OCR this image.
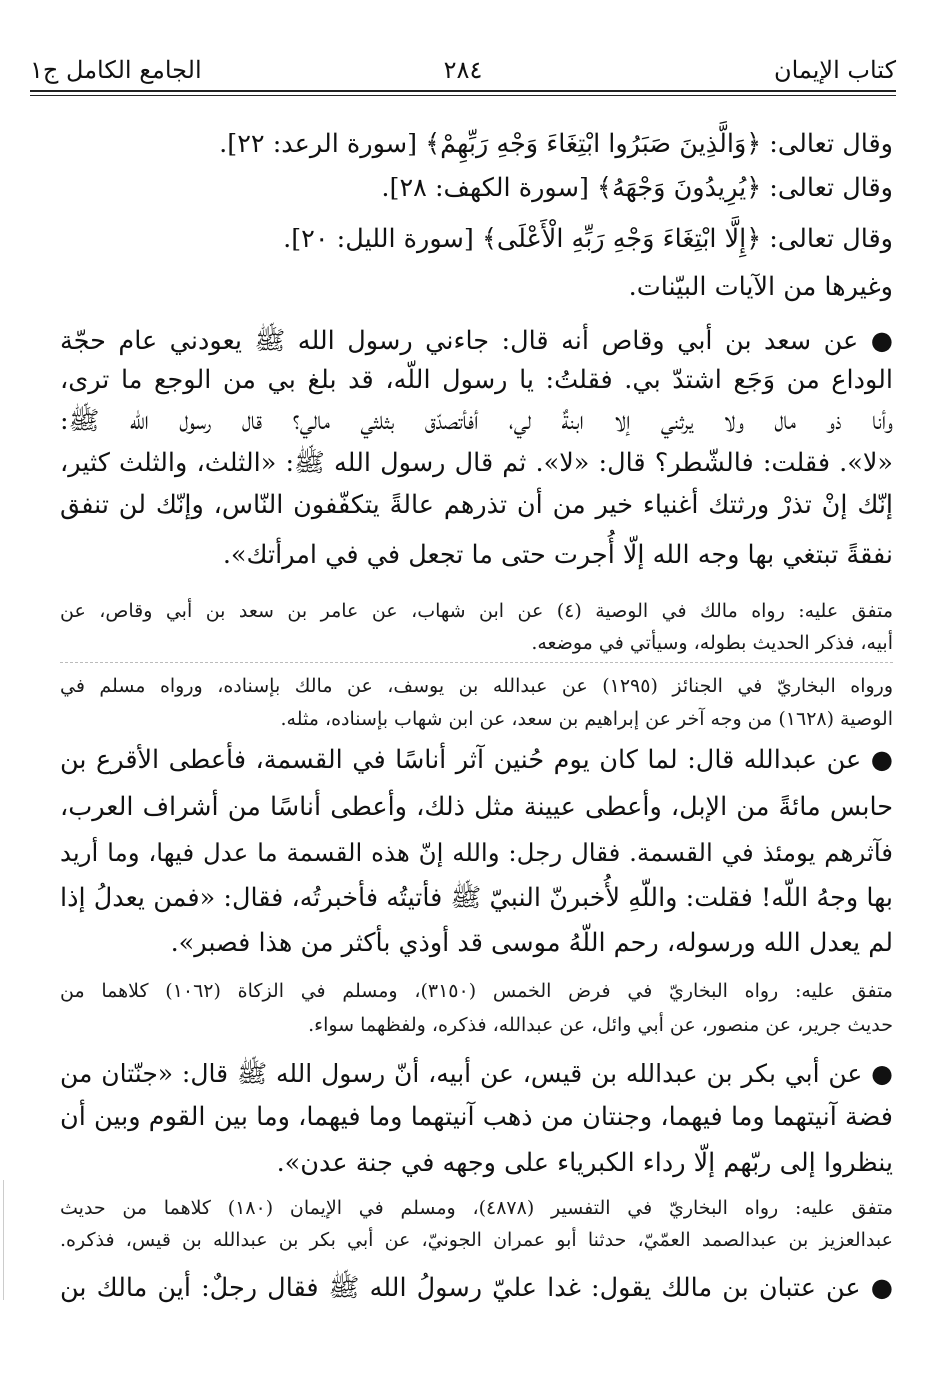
كتاب الإيمان
٢٨٤
الجامع الكامل ج١
وقال تعالى: ﴿وَالَّذِينَ صَبَرُوا ابْتِغَاءَ وَجْهِ رَبِّهِمْ﴾ [سورة الرعد: ٢٢].
وقال تعالى: ﴿يُرِيدُونَ وَجْهَهُ﴾ [سورة الكهف: ٢٨].
وقال تعالى: ﴿إِلَّا ابْتِغَاءَ وَجْهِ رَبِّهِ الْأَعْلَى﴾ [سورة الليل: ٢٠].
وغيرها من الآيات البيّنات.
● عن سعد بن أبي وقاص أنه قال: جاءني رسول الله ﷺ يعودني عام حجّة
الوداع من وَجَع اشتدّ بي. فقلتُ: يا رسول اللّه، قد بلغ بي من الوجع ما ترى،
وأنا ذو مال ولا يرثني إلا ابنةٌ لي، أفأتصدّق بثلثي مالي؟ قال رسول الله ﷺ:
«لا». فقلت: فالشّطر؟ قال: «لا». ثم قال رسول الله ﷺ: «الثلث، والثلث كثير،
إنّك إنْ تذرْ ورثتك أغنياء خير من أن تذرهم عالةً يتكفّفون النّاس، وإنّك لن تنفق
نفقةً تبتغي بها وجه الله إلّا أُجرت حتى ما تجعل في في امرأتك».
متفق عليه: رواه مالك في الوصية (٤) عن ابن شهاب، عن عامر بن سعد بن أبي وقاص، عن
أبيه، فذكر الحديث بطوله، وسيأتي في موضعه.
ورواه البخاريّ في الجنائز (١٢٩٥) عن عبدالله بن يوسف، عن مالك بإسناده، ورواه مسلم في
الوصية (١٦٢٨) من وجه آخر عن إبراهيم بن سعد، عن ابن شهاب بإسناده، مثله.
● عن عبدالله قال: لما كان يوم حُنين آثر أناسًا في القسمة، فأعطى الأقرع بن
حابس مائةً من الإبل، وأعطى عيينة مثل ذلك، وأعطى أناسًا من أشراف العرب،
فآثرهم يومئذ في القسمة. فقال رجل: والله إنّ هذه القسمة ما عدل فيها، وما أريد
بها وجهُ اللّه! فقلت: واللّهِ لأُخبرنّ النبيّ ﷺ فأتيتُه فأخبرتُه، فقال: «فمن يعدلُ إذا
لم يعدل الله ورسوله، رحم اللّهُ موسى قد أوذي بأكثر من هذا فصبر».
متفق عليه: رواه البخاريّ في فرض الخمس (٣١٥٠)، ومسلم في الزكاة (١٠٦٢) كلاهما من
حديث جرير، عن منصور، عن أبي وائل، عن عبدالله، فذكره، ولفظهما سواء.
● عن أبي بكر بن عبدالله بن قيس، عن أبيه، أنّ رسول الله ﷺ قال: «جنّتان من
فضة آنيتهما وما فيهما، وجنتان من ذهب آنيتهما وما فيهما، وما بين القوم وبين أن
ينظروا إلى ربّهم إلّا رداء الكبرياء على وجهه في جنة عدن».
متفق عليه: رواه البخاريّ في التفسير (٤٨٧٨)، ومسلم في الإيمان (١٨٠) كلاهما من حديث
عبدالعزيز بن عبدالصمد العمّيّ، حدثنا أبو عمران الجونيّ، عن أبي بكر بن عبدالله بن قيس، فذكره.
● عن عتبان بن مالك يقول: غدا عليّ رسولُ الله ﷺ فقال رجلٌ: أين مالك بن
